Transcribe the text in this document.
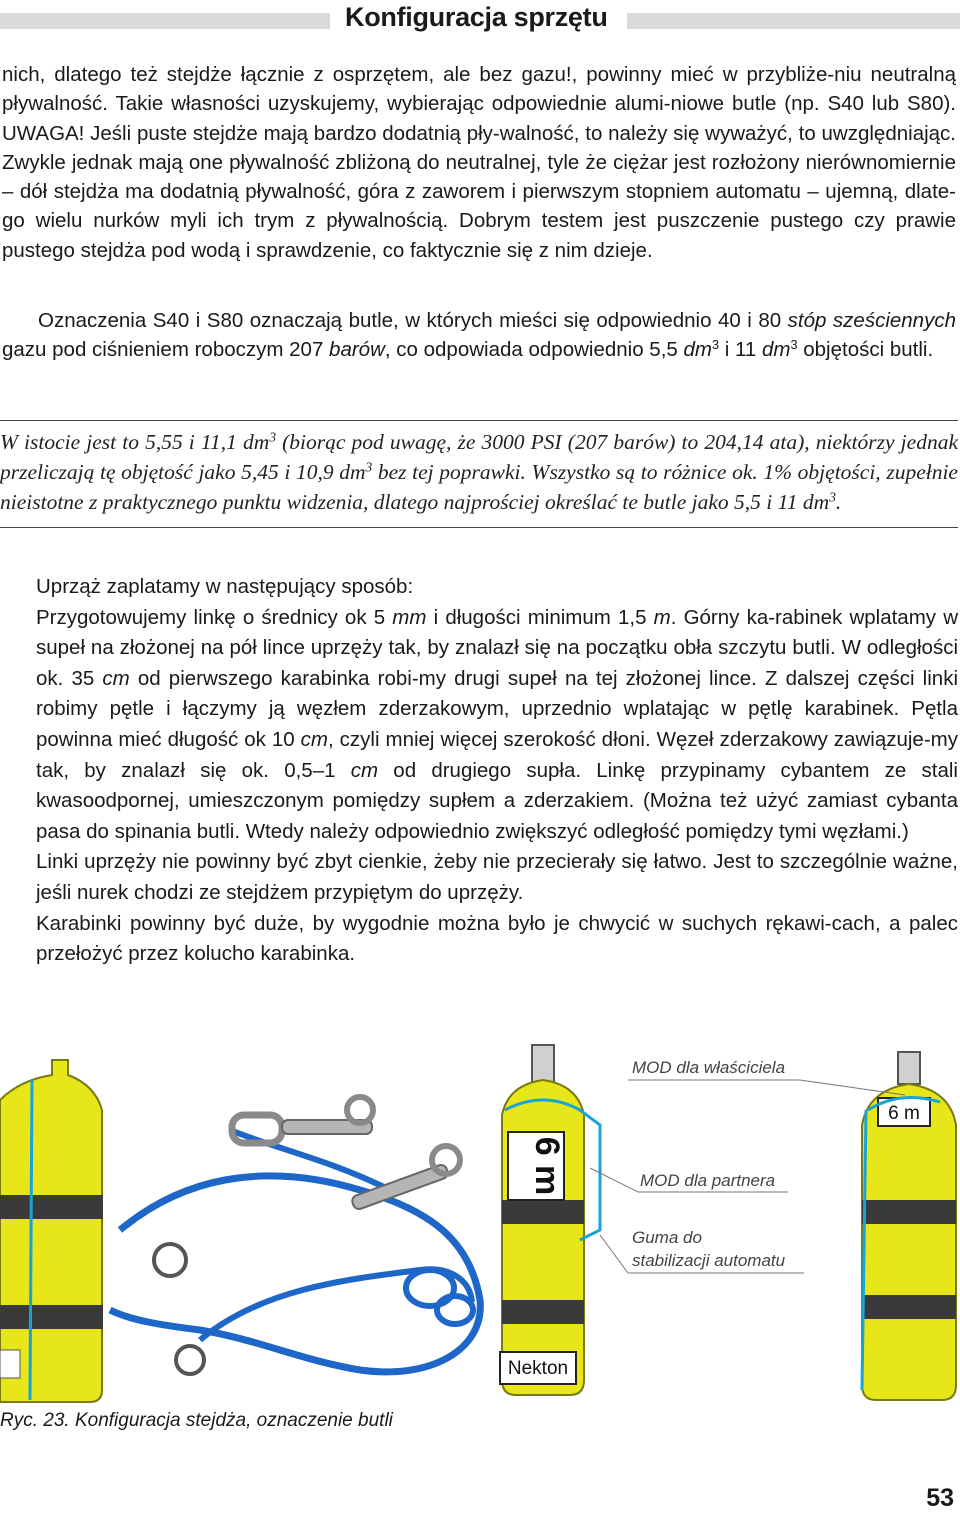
Konfiguracja sprzętu

nich, dlatego też stejdże łącznie z osprzętem, ale bez gazu!, powinny mieć w przybliże-niu neutralną pływalność. Takie własności uzyskujemy, wybierając odpowiednie alumi-niowe butle (np. S40 lub S80). UWAGA! Jeśli puste stejdże mają bardzo dodatnią pły-walność, to należy się wyważyć, to uwzględniając. Zwykle jednak mają one pływalność zbliżoną do neutralnej, tyle że ciężar jest rozłożony nierównomiernie – dół stejdża ma dodatnią pływalność, góra z zaworem i pierwszym stopniem automatu – ujemną, dlate-go wielu nurków myli ich trym z pływalnością. Dobrym testem jest puszczenie pustego czy prawie pustego stejdża pod wodą i sprawdzenie, co faktycznie się z nim dzieje.

Oznaczenia S40 i S80 oznaczają butle, w których mieści się odpowiednio 40 i 80 stóp sześciennych gazu pod ciśnieniem roboczym 207 barów, co odpowiada odpowiednio 5,5 $dm^3$ i 11 $dm^3$ objętości butli.

W istocie jest to 5,55 i 11,1 $dm^3$ (biorąc pod uwagę, że 3000 PSI (207 barów) to 204,14 ata), niektórzy jednak przeliczają tę objętość jako 5,45 i 10,9 $dm^3$ bez tej poprawki. Wszystko są to różnice ok. 1% objętości, zupełnie nieistotne z praktycznego punktu widzenia, dlatego najprościej określać te butle jako 5,5 i 11 $dm^3$.

Uprząż zaplatamy w następujący sposób:

Przygotowujemy linkę o średnicy ok 5 mm i długości minimum 1,5 m. Górny ka-rabinek wplatamy w supeł na złożonej na pół lince uprzęży tak, by znalazł się na początku obła szczytu butli. W odległości ok. 35 cm od pierwszego karabinka robi-my drugi supeł na tej złożonej lince. Z dalszej części linki robimy pętle i łączymy ją węzłem zderzakowym, uprzednio wplatając w pętlę karabinek. Pętla powinna mieć długość ok 10 cm, czyli mniej więcej szerokość dłoni. Węzeł zderzakowy zawiązuje-my tak, by znalazł się ok. 0,5–1 cm od drugiego supła. Linkę przypinamy cybantem ze stali kwasoodpornej, umieszczonym pomiędzy supłem a zderzakiem. (Można też użyć zamiast cybanta pasa do spinania butli. Wtedy należy odpowiednio zwiększyć odległość pomiędzy tymi węzłami.)

Linki uprzęży nie powinny być zbyt cienkie, żeby nie przecierały się łatwo. Jest to szczególnie ważne, jeśli nurek chodzi ze stejdżem przypiętym do uprzęży.

Karabinki powinny być duże, by wygodnie można było je chwycić w suchych rękawi-cach, a palec przełożyć przez kolucho karabinka.

6 m
Nekton
6 m
MOD dla właściciela
MOD dla partnera
Guma do
stabilizacji automatu
Ryc. 23. Konfiguracja stejdża, oznaczenie butli
53
